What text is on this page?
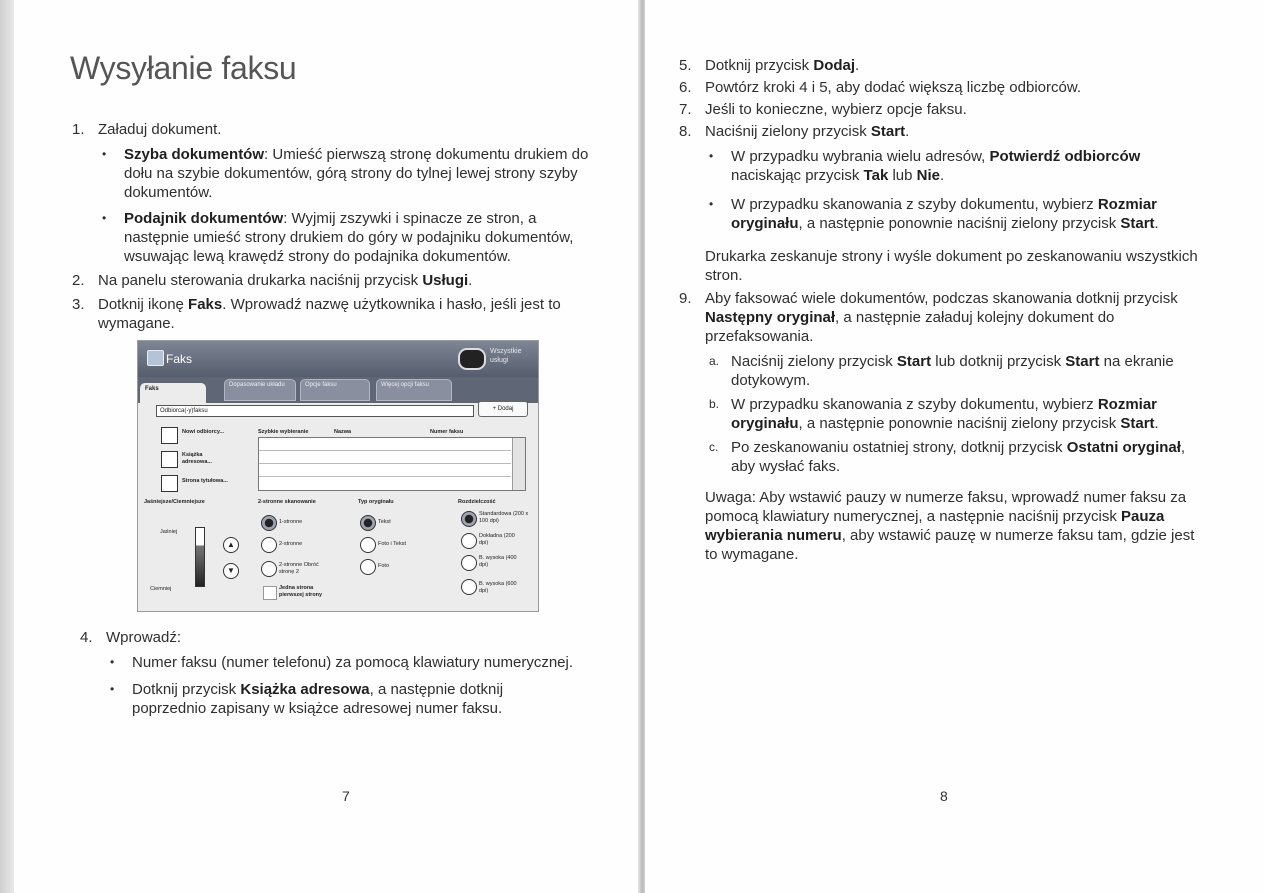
Wysyłanie faksu

1. Załaduj dokument.

• Szyba dokumentów: Umieść pierwszą stronę dokumentu drukiem do dołu na szybie dokumentów, górą strony do tylnej lewej strony szyby dokumentów.

• Podajnik dokumentów: Wyjmij zszywki i spinacze ze stron, a następnie umieść strony drukiem do góry w podajniku dokumentów, wsuwając lewą krawędź strony do podajnika dokumentów.

2. Na panelu sterowania drukarka naciśnij przycisk Usługi.

3. Dotknij ikonę Faks. Wprowadź nazwę użytkownika i hasło, jeśli jest to wymagane.

Faks
Wszystkie usługi
Faks
Dopasowanie układu	Opcje faksu	Więcej opcji faksu
Odbiorca(-y)faksu	+ Dodaj
Nowi odbiorcy...
Książka adresowa...
Strona tytułowa...
Szybkie wybieranie	Nazwa	Numer faksu
Jaśniejsze/Ciemniejsze
Jaśniej
Ciemniej
▲
▼
2-stronne skanowanie
1-stronne
2-stronne
2-stronne Obróć stronę 2
Jedna strona pierwszej strony
Typ oryginału
Tekst
Foto i Tekst
Foto
Rozdzielczość
Standardowa (200 x 100 dpi)
Dokładna (200 dpi)
B. wysoka (400 dpi)
B. wysoka (600 dpi)

4. Wprowadź:

• Numer faksu (numer telefonu) za pomocą klawiatury numerycznej.

• Dotknij przycisk Książka adresowa, a następnie dotknij poprzednio zapisany w książce adresowej numer faksu.

7

5. Dotknij przycisk Dodaj.

6. Powtórz kroki 4 i 5, aby dodać większą liczbę odbiorców.

7. Jeśli to konieczne, wybierz opcje faksu.

8. Naciśnij zielony przycisk Start.

• W przypadku wybrania wielu adresów, Potwierdź odbiorców naciskając przycisk Tak lub Nie.

• W przypadku skanowania z szyby dokumentu, wybierz Rozmiar oryginału, a następnie ponownie naciśnij zielony przycisk Start.

Drukarka zeskanuje strony i wyśle dokument po zeskanowaniu wszystkich stron.

9. Aby faksować wiele dokumentów, podczas skanowania dotknij przycisk Następny oryginał, a następnie załaduj kolejny dokument do przefaksowania.

a. Naciśnij zielony przycisk Start lub dotknij przycisk Start na ekranie dotykowym.

b. W przypadku skanowania z szyby dokumentu, wybierz Rozmiar oryginału, a następnie ponownie naciśnij zielony przycisk Start.

c. Po zeskanowaniu ostatniej strony, dotknij przycisk Ostatni oryginał, aby wysłać faks.

Uwaga: Aby wstawić pauzy w numerze faksu, wprowadź numer faksu za pomocą klawiatury numerycznej, a następnie naciśnij przycisk Pauza wybierania numeru, aby wstawić pauzę w numerze faksu tam, gdzie jest to wymagane.

8
